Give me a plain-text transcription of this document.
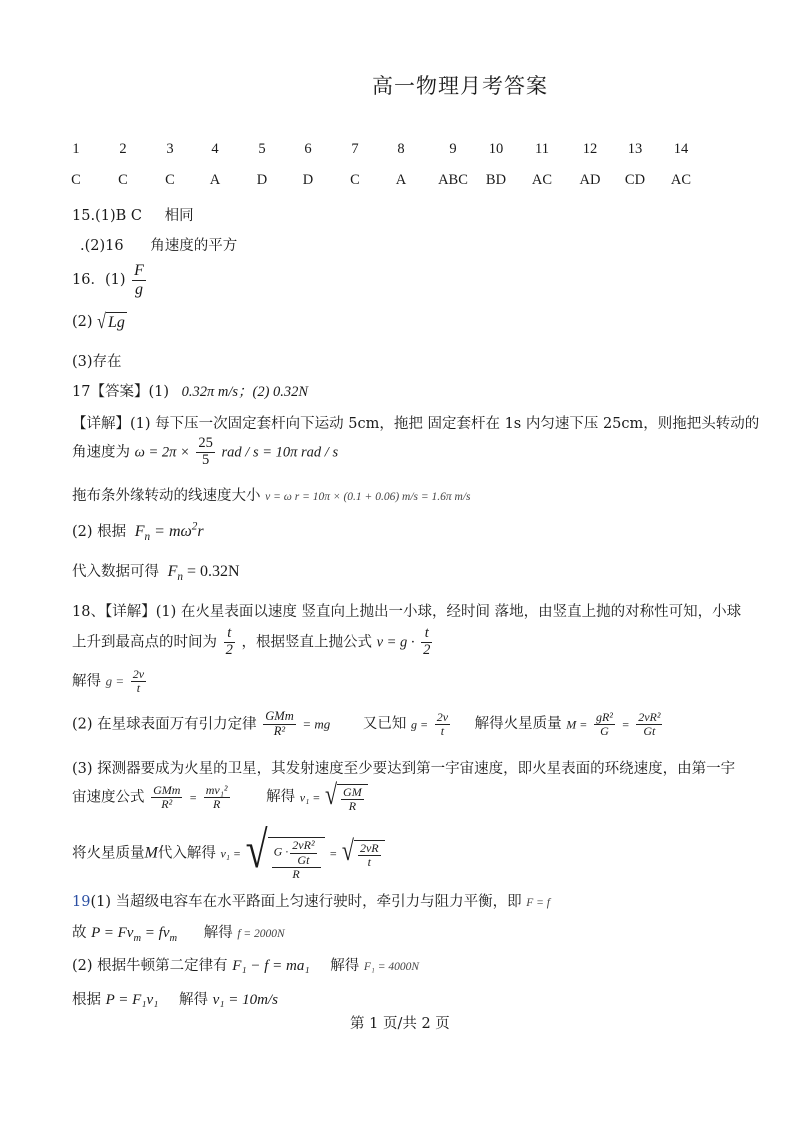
高一物理月考答案
1	2	3	4	5	6	7	8	9	10	11	12	13	14
C	C	C	A	D	D	C	A	ABC	BD	AC	AD	CD	AC
15.(1)B C 相同
.(2)16 角速度的平方
16．$(1) \frac{F}{g}$
(2) √ Lg
(3)存在
17【答案】(1) 0.32π m/s；(2) 0.32N
【详解】(1) 每下压一次固定套杆向下运动 5cm，拖把 固定套杆在 1s 内匀速下压 25cm，则拖把头转动的
角速度为 $\omega = 2\pi \times \frac{25}{5}$ rad / s = 10π rad / s
拖布条外缘转动的线速度大小 v = ω r = 10π × (0.1 + 0.06) m/s = 1.6π m/s
(2) 根据 $F_n = m\omega^2r$
代入数据可得 $F_n = 0.32N$
18、【详解】(1) 在火星表面以速度 竖直向上抛出一小球，经时间 落地，由竖直上抛的对称性可知，小球
上升到最高点的时间为 $\frac{t}{2}$ ，根据竖直上抛公式 $v = g \cdot \frac{t}{2}$
解得 $g = \frac{2v}{t}$
(2) 在星球表面万有引力定律 $\frac{\text{GMm}}{\text{R²}}$ = mg 又已知 $g = \frac{2v}{t}$ 解得火星质量 $M = \frac{\text{gR²}}{G} = \frac{\text{2vR²}}{Gt}$
(3) 探测器要成为火星的卫星，其发射速度至少要达到第一宇宙速度，即火星表面的环绕速度，由第一宇
宙速度公式 $\frac{\text{GMm}}{\text{R²}} = \frac{\text{mv₁²}}{R}$	解得 v₁ = √ $\frac{GM}{R}$
将火星质量M代入解得 v₁ = √ $\frac{G \cdot \frac{\text{2vR²}}{Gt}}{R}$ = √ $\frac{2vR}{t}$
19(1) 当超级电容车在水平路面上匀速行驶时，牵引力与阻力平衡，即 F = f
故 $P = Fv_m = fv_m$ 解得 f = 2000N
(2) 根据牛顿第二定律有 F₁ − f = ma₁ 解得 F₁ = 4000N
根据 P = F₁v₁ 解得 v₁ = 10m/s
第 1 页/共 2 页
